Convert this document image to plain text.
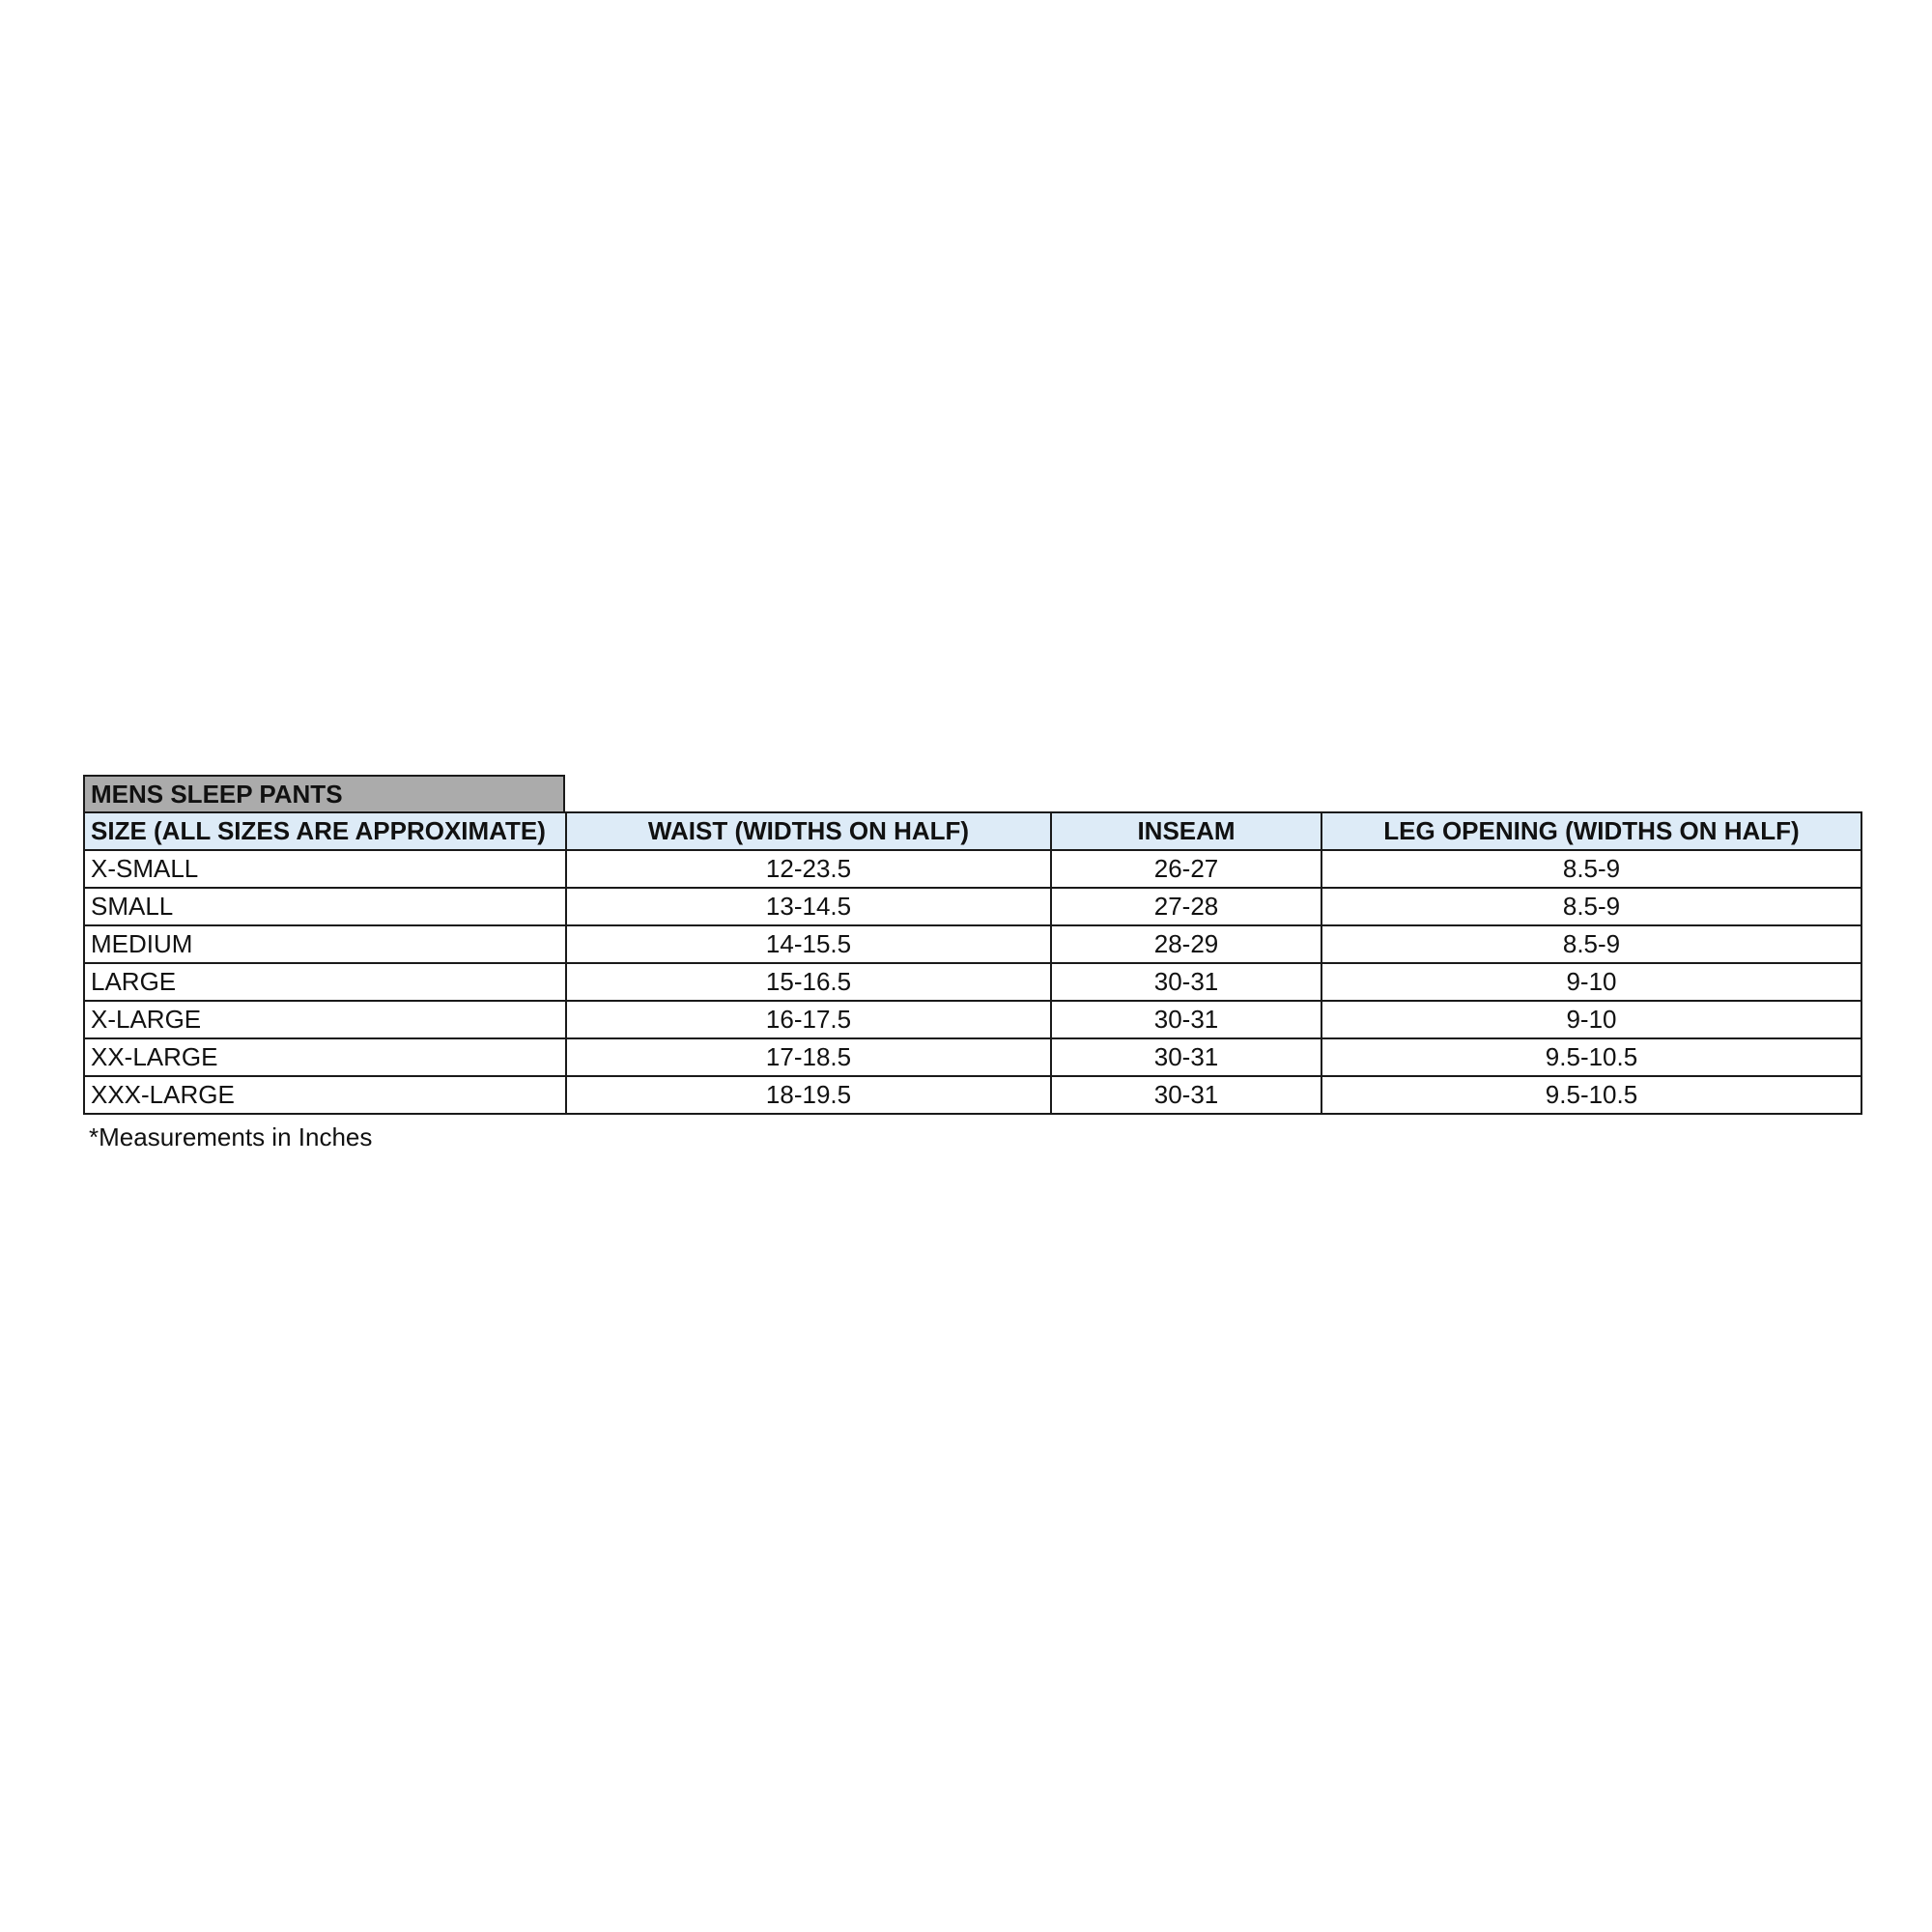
MENS SLEEP PANTS
SIZE (ALL SIZES ARE APPROXIMATE)	WAIST (WIDTHS ON HALF)	INSEAM	LEG OPENING (WIDTHS ON HALF)
X-SMALL	12-23.5	26-27	8.5-9
SMALL	13-14.5	27-28	8.5-9
MEDIUM	14-15.5	28-29	8.5-9
LARGE	15-16.5	30-31	9-10
X-LARGE	16-17.5	30-31	9-10
XX-LARGE	17-18.5	30-31	9.5-10.5
XXX-LARGE	18-19.5	30-31	9.5-10.5
*Measurements in Inches
